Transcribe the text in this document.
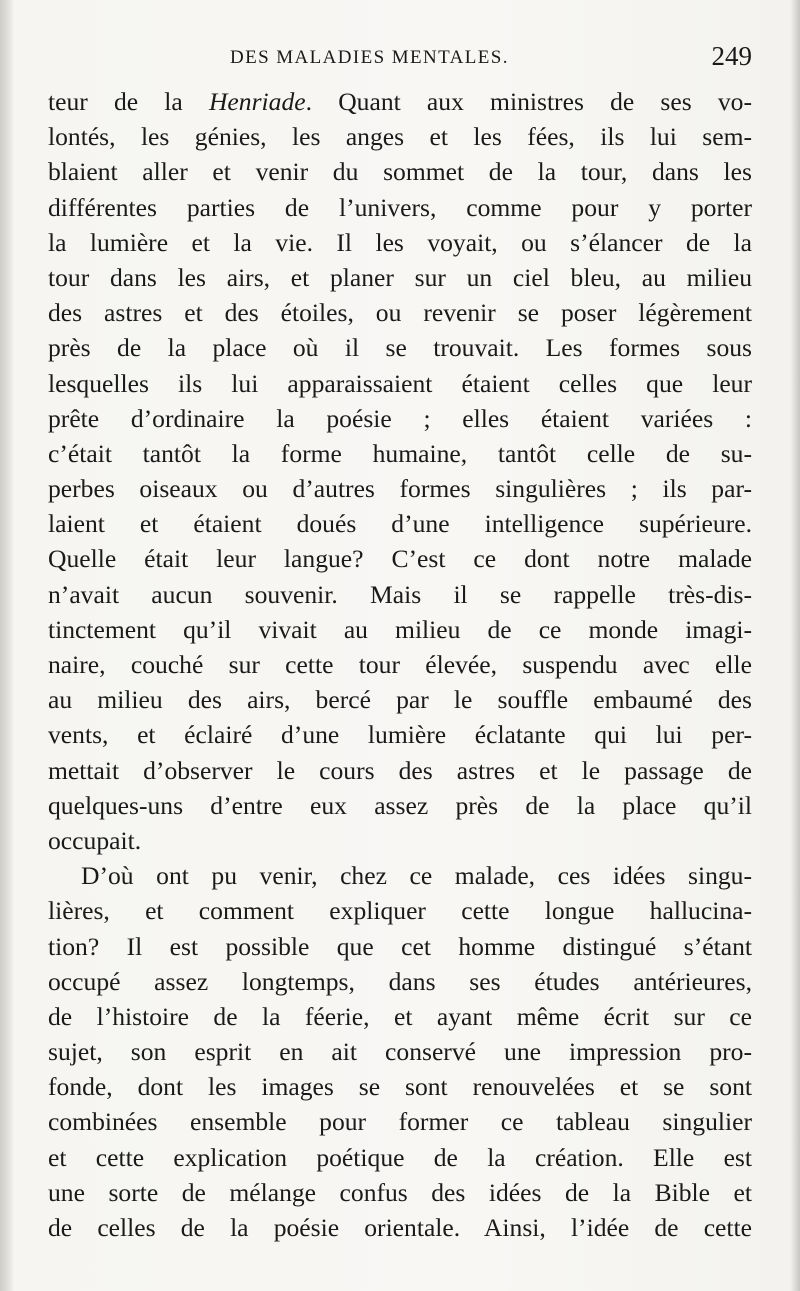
DES MALADIES MENTALES.	249
teur de la Henriade. Quant aux ministres de ses vo-
lontés, les génies, les anges et les fées, ils lui sem-
blaient aller et venir du sommet de la tour, dans les
différentes parties de l’univers, comme pour y porter
la lumière et la vie. Il les voyait, ou s’élancer de la
tour dans les airs, et planer sur un ciel bleu, au milieu
des astres et des étoiles, ou revenir se poser légèrement
près de la place où il se trouvait. Les formes sous
lesquelles ils lui apparaissaient étaient celles que leur
prête d’ordinaire la poésie ; elles étaient variées :
c’était tantôt la forme humaine, tantôt celle de su-
perbes oiseaux ou d’autres formes singulières ; ils par-
laient et étaient doués d’une intelligence supérieure.
Quelle était leur langue? C’est ce dont notre malade
n’avait aucun souvenir. Mais il se rappelle très-dis-
tinctement qu’il vivait au milieu de ce monde imagi-
naire, couché sur cette tour élevée, suspendu avec elle
au milieu des airs, bercé par le souffle embaumé des
vents, et éclairé d’une lumière éclatante qui lui per-
mettait d’observer le cours des astres et le passage de
quelques-uns d’entre eux assez près de la place qu’il
occupait.
D’où ont pu venir, chez ce malade, ces idées singu-
lières, et comment expliquer cette longue hallucina-
tion? Il est possible que cet homme distingué s’étant
occupé assez longtemps, dans ses études antérieures,
de l’histoire de la féerie, et ayant même écrit sur ce
sujet, son esprit en ait conservé une impression pro-
fonde, dont les images se sont renouvelées et se sont
combinées ensemble pour former ce tableau singulier
et cette explication poétique de la création. Elle est
une sorte de mélange confus des idées de la Bible et
de celles de la poésie orientale. Ainsi, l’idée de cette
